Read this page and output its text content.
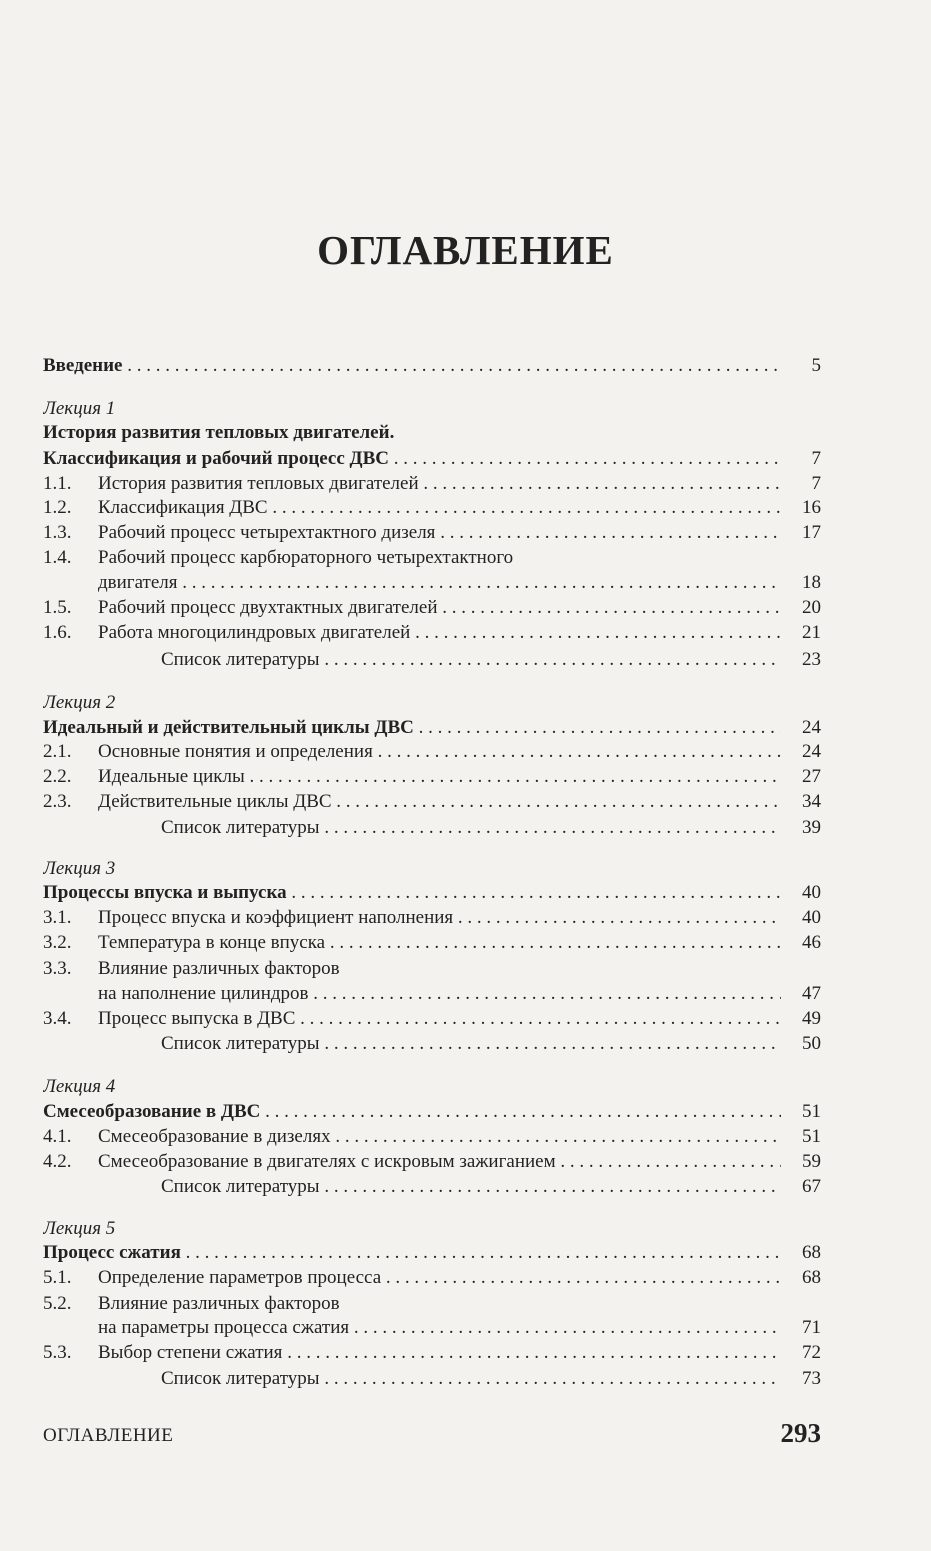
ОГЛАВЛЕНИЕ
Введение . . .	5
Лекция 1
История развития тепловых двигателей.
Классификация и рабочий процесс ДВС . . .	7
1.1. История развития тепловых двигателей . . .	7
1.2. Классификация ДВС . . .	16
1.3. Рабочий процесс четырехтактного дизеля . . .	17
1.4. Рабочий процесс карбюраторного четырехтактного
двигателя . . .	18
1.5. Рабочий процесс двухтактных двигателей . . .	20
1.6. Работа многоцилиндровых двигателей . . .	21
Список литературы . . .	23
Лекция 2
Идеальный и действительный циклы ДВС . . .	24
2.1. Основные понятия и определения . . .	24
2.2. Идеальные циклы . . .	27
2.3. Действительные циклы ДВС . . .	34
Список литературы . . .	39
Лекция 3
Процессы впуска и выпуска . . .	40
3.1. Процесс впуска и коэффициент наполнения . . .	40
3.2. Температура в конце впуска . . .	46
3.3. Влияние различных факторов
на наполнение цилиндров . . .	47
3.4. Процесс выпуска в ДВС . . .	49
Список литературы . . .	50
Лекция 4
Смесеобразование в ДВС . . .	51
4.1. Смесеобразование в дизелях . . .	51
4.2. Смесеобразование в двигателях с искровым зажиганием . . .	59
Список литературы . . .	67
Лекция 5
Процесс сжатия . . .	68
5.1. Определение параметров процесса . . .	68
5.2. Влияние различных факторов
на параметры процесса сжатия . . .	71
5.3. Выбор степени сжатия . . .	72
Список литературы . . .	73
ОГЛАВЛЕНИЕ	293
